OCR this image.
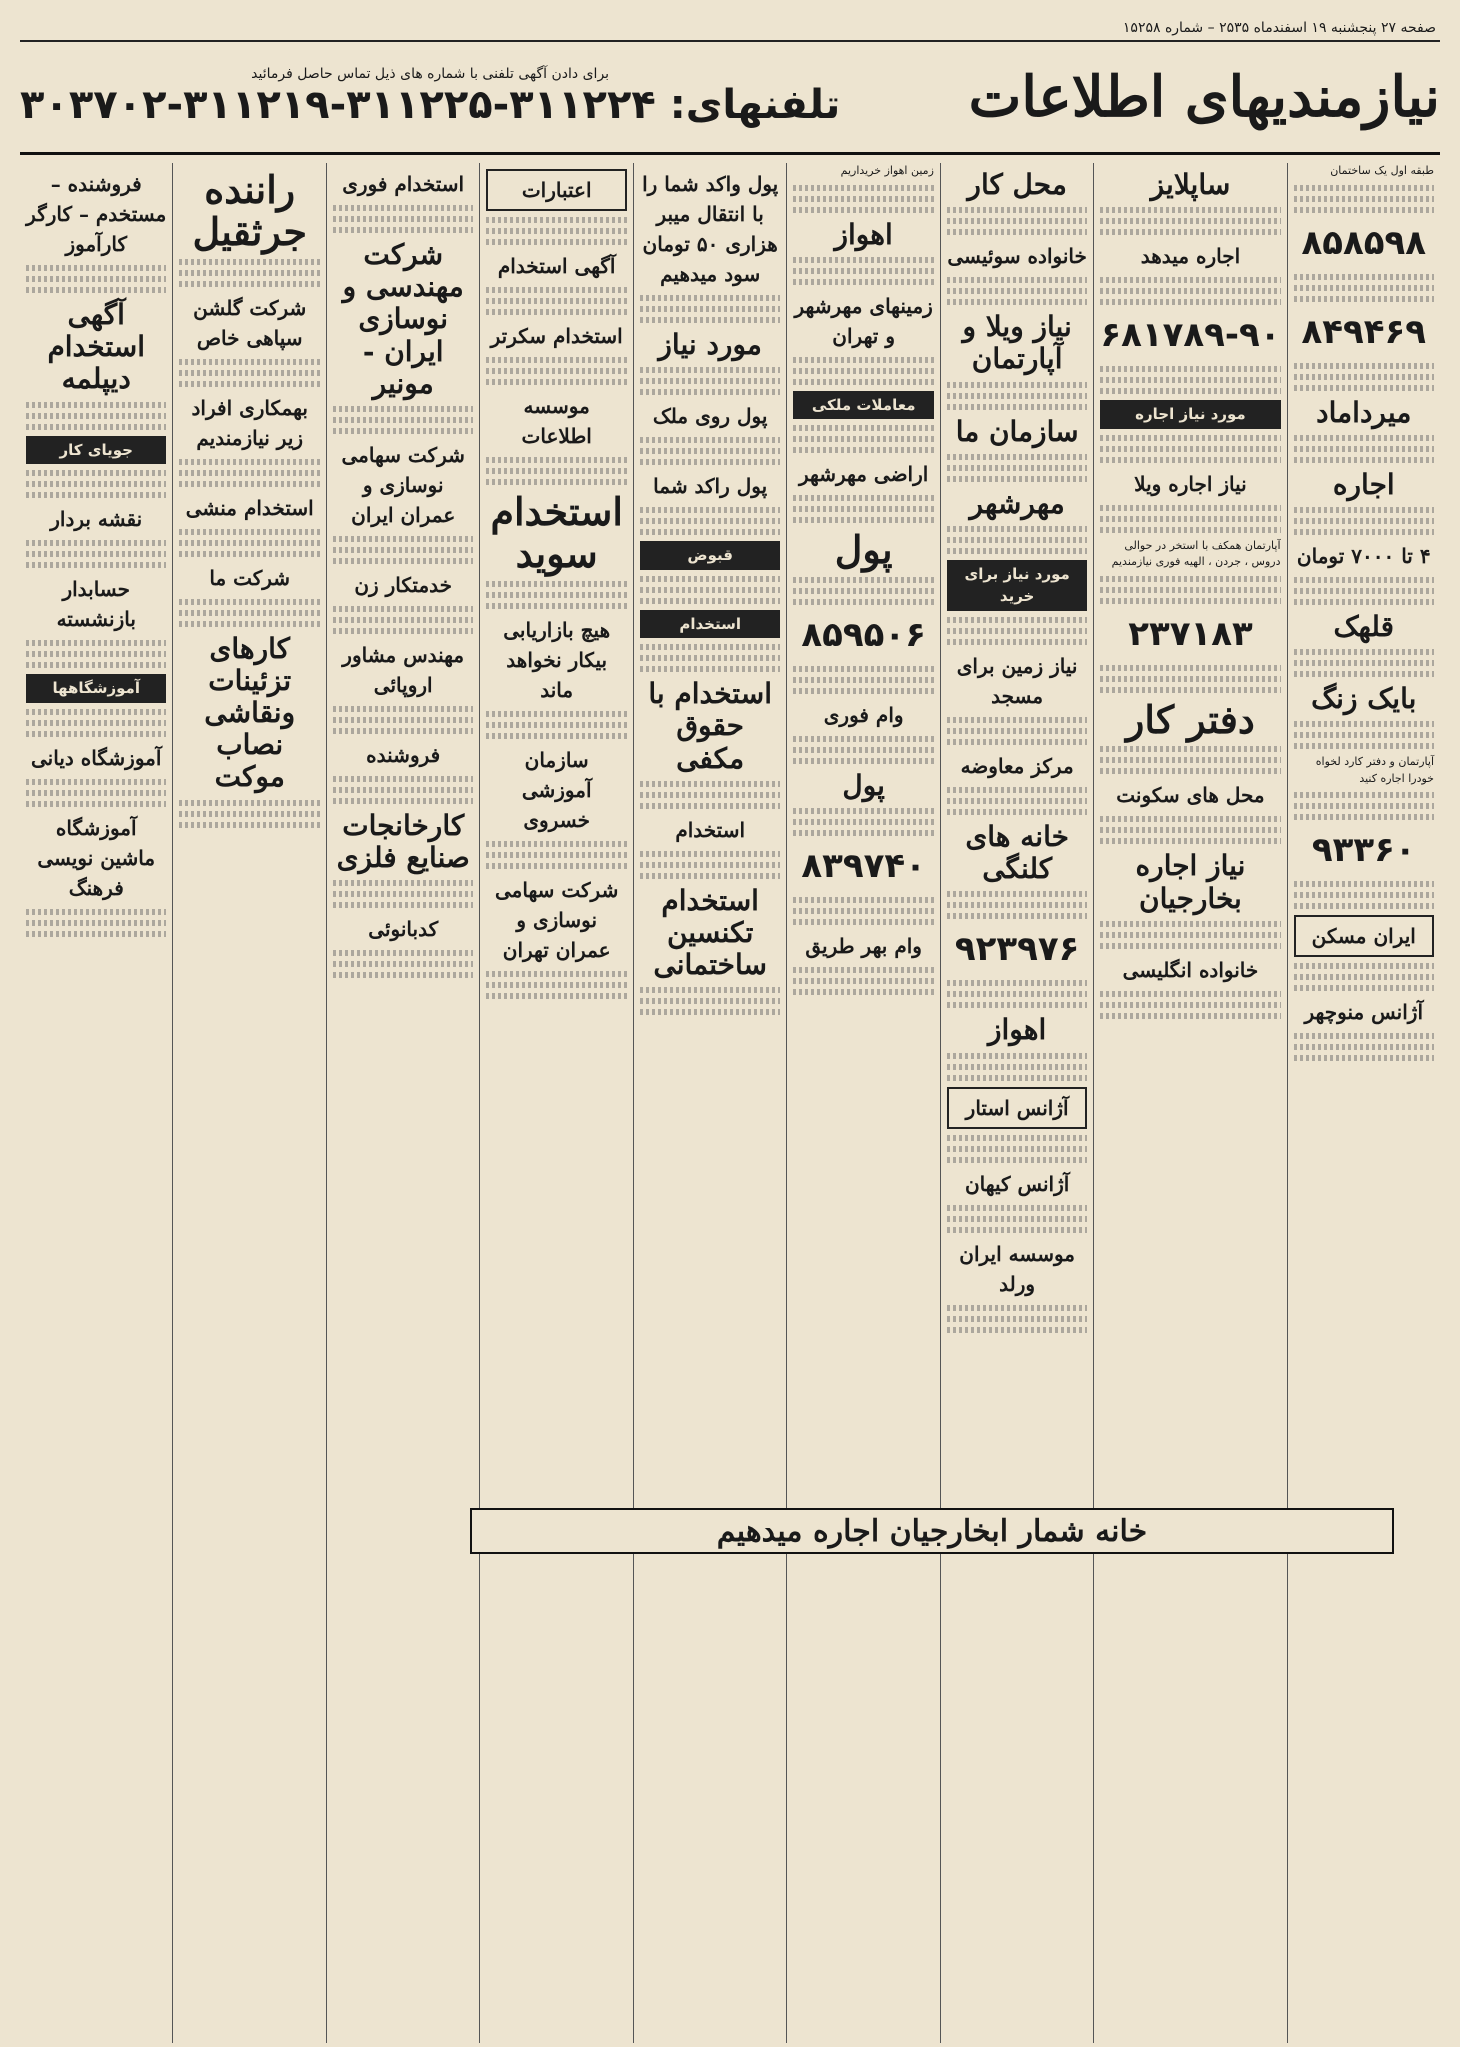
صفحه ۲۷ پنجشنبه ۱۹ اسفندماه ۲۵۳۵ – شماره ۱۵۲۵۸
نیازمندیهای اطلاعات
برای دادن آگهی تلفنی با شماره های ذیل تماس حاصل فرمائید
تلفنهای: ۳۱۱۲۲۴-۳۱۱۲۲۵-۳۱۱۲۱۹-۳۰۳۷۰۲
طبقه اول یک ساختمان
۸۵۸۵۹۸
۸۴۹۴۶۹
میرداماد
اجاره
۴ تا ۷۰۰۰ تومان
قلهک
بایک زنگ
آپارتمان و دفتر کارد لخواه خودرا اجاره کنید
۹۳۳۶۰
ایران مسکن
آژانس منوچهر
ساپلایز
اجاره میدهد
۶۸۱۷۸۹-۹۰
مورد نیاز اجاره
نیاز اجاره ویلا
آپارتمان همکف با استخر در حوالی دروس ، جردن ، الهیه فوری نیازمندیم
۲۳۷۱۸۳
دفتر کار
محل های سکونت
نیاز اجاره بخارجیان
خانواده انگلیسی
محل کار
خانواده سوئیسی
نیاز ویلا و آپارتمان
سازمان ما
مهرشهر
مورد نیاز برای خرید
نیاز زمین برای مسجد
مرکز معاوضه
خانه های کلنگی
۹۲۳۹۷۶
اهواز
آژانس استار
آژانس کیهان
موسسه ایران ورلد
زمین اهواز خریداریم
اهواز
زمینهای مهرشهر و تهران
معاملات ملکی
اراضی مهرشهر
پول
۸۵۹۵۰۶
وام فوری
پول
۸۳۹۷۴۰
وام بهر طریق
پول واکد شما را با انتقال میبر هزاری ۵۰ تومان سود میدهیم
مورد نیاز
پول روی ملک
پول راکد شما
قبوض
استخدام
استخدام با حقوق مکفی
استخدام
استخدام تکنسین ساختمانی
اعتبارات
آگهی استخدام
استخدام سکرتر
موسسه اطلاعات
استخدام سوید
هیچ بازاریابی بیکار نخواهد ماند
سازمان آموزشی خسروی
شرکت سهامی نوسازی و عمران تهران
استخدام فوری
شرکت مهندسی و نوسازی ایران - مونیر
شرکت سهامی نوسازی و عمران ایران
خدمتکار زن
مهندس مشاور اروپائی
فروشنده
کارخانجات صنایع فلزی
کدبانوئی
راننده جرثقیل
شرکت گلشن سپاهی خاص
بهمکاری افراد زیر نیازمندیم
استخدام منشی
شرکت ما
کارهای تزئینات ونقاشی نصاب موکت
فروشنده – مستخدم – کارگر کارآموز
آگهی استخدام دیپلمه
جویای کار
نقشه بردار
حسابدار بازنشسته
آموزشگاهها
آموزشگاه دیانی
آموزشگاه ماشین نویسی فرهنگ
خانه شمار ابخارجیان اجاره میدهیم
